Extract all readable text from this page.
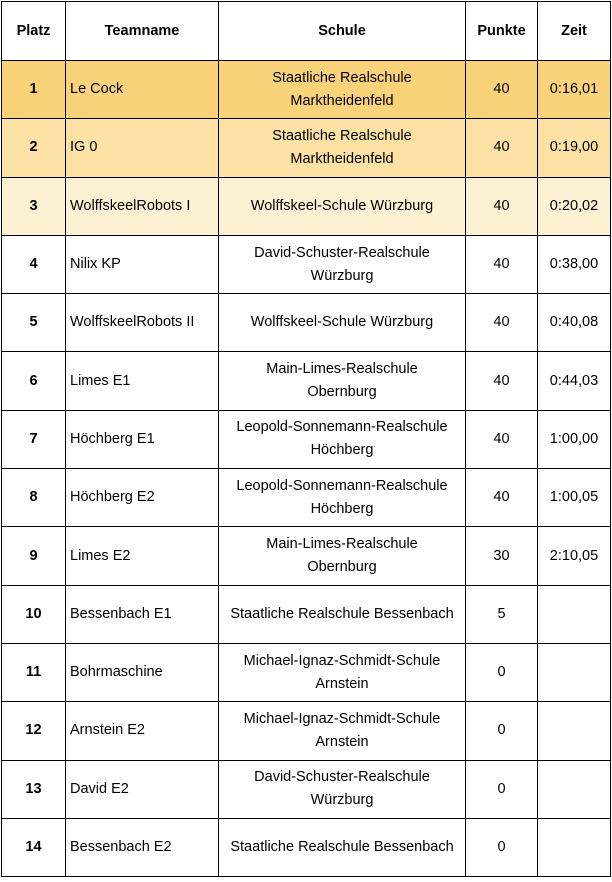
Platz	Teamname	Schule	Punkte	Zeit
1	Le Cock	Staatliche Realschule
Marktheidenfeld	40	0:16,01
2	IG 0	Staatliche Realschule
Marktheidenfeld	40	0:19,00
3	WolffskeelRobots I	Wolffskeel-Schule Würzburg	40	0:20,02
4	Nilix KP	David-Schuster-Realschule
Würzburg	40	0:38,00
5	WolffskeelRobots II	Wolffskeel-Schule Würzburg	40	0:40,08
6	Limes E1	Main-Limes-Realschule
Obernburg	40	0:44,03
7	Höchberg E1	Leopold-Sonnemann-Realschule
Höchberg	40	1:00,00
8	Höchberg E2	Leopold-Sonnemann-Realschule
Höchberg	40	1:00,05
9	Limes E2	Main-Limes-Realschule
Obernburg	30	2:10,05
10	Bessenbach E1	Staatliche Realschule Bessenbach	5	
11	Bohrmaschine	Michael-Ignaz-Schmidt-Schule
Arnstein	0	
12	Arnstein E2	Michael-Ignaz-Schmidt-Schule
Arnstein	0	
13	David E2	David-Schuster-Realschule
Würzburg	0	
14	Bessenbach E2	Staatliche Realschule Bessenbach	0	
